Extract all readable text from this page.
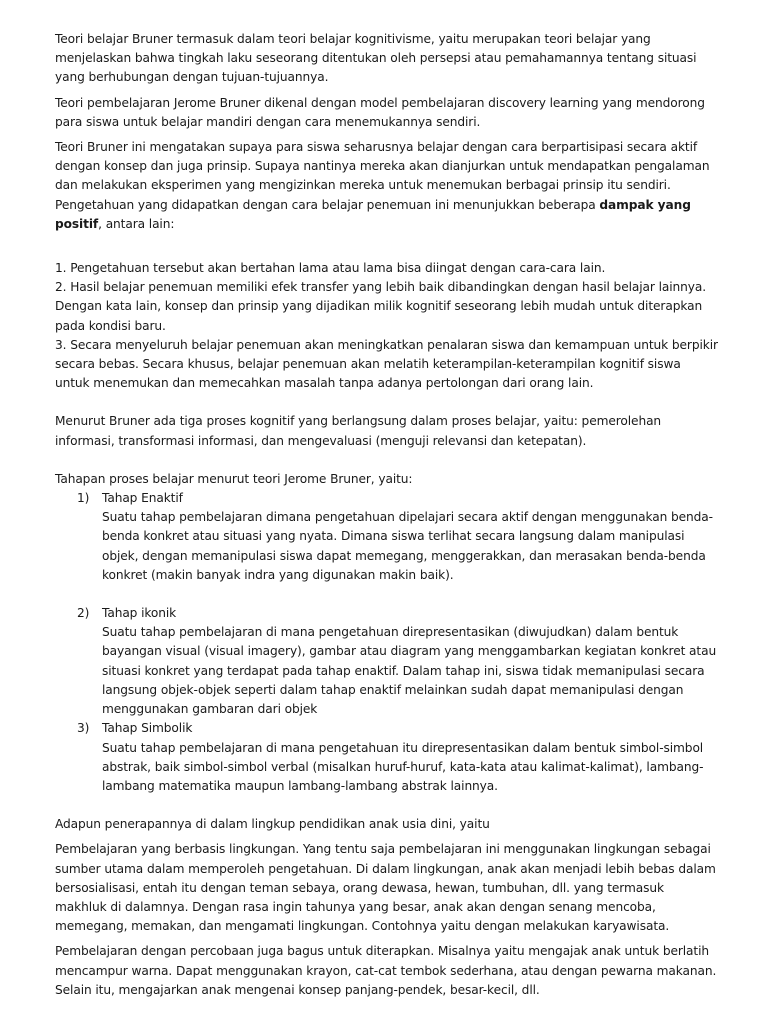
Teori belajar Bruner termasuk dalam teori belajar kognitivisme, yaitu merupakan teori belajar yang menjelaskan bahwa tingkah laku seseorang ditentukan oleh persepsi atau pemahamannya tentang situasi yang berhubungan dengan tujuan-tujuannya.

Teori pembelajaran Jerome Bruner dikenal dengan model pembelajaran discovery learning yang mendorong para siswa untuk belajar mandiri dengan cara menemukannya sendiri.

Teori Bruner ini mengatakan supaya para siswa seharusnya belajar dengan cara berpartisipasi secara aktif dengan konsep dan juga prinsip. Supaya nantinya mereka akan dianjurkan untuk mendapatkan pengalaman dan melakukan eksperimen yang mengizinkan mereka untuk menemukan berbagai prinsip itu sendiri. Pengetahuan yang didapatkan dengan cara belajar penemuan ini menunjukkan beberapa dampak yang positif, antara lain:

1. Pengetahuan tersebut akan bertahan lama atau lama bisa diingat dengan cara-cara lain.
2. Hasil belajar penemuan memiliki efek transfer yang lebih baik dibandingkan dengan hasil belajar lainnya. Dengan kata lain, konsep dan prinsip yang dijadikan milik kognitif seseorang lebih mudah untuk diterapkan pada kondisi baru.
3. Secara menyeluruh belajar penemuan akan meningkatkan penalaran siswa dan kemampuan untuk berpikir secara bebas. Secara khusus, belajar penemuan akan melatih keterampilan-keterampilan kognitif siswa untuk menemukan dan memecahkan masalah tanpa adanya pertolongan dari orang lain.

Menurut Bruner ada tiga proses kognitif yang berlangsung dalam proses belajar, yaitu: pemerolehan informasi, transformasi informasi, dan mengevaluasi (menguji relevansi dan ketepatan).

Tahapan proses belajar menurut teori Jerome Bruner, yaitu:

1)	Tahap Enaktif
Suatu tahap pembelajaran dimana pengetahuan dipelajari secara aktif dengan menggunakan benda-benda konkret atau situasi yang nyata. Dimana siswa terlihat secara langsung dalam manipulasi objek, dengan memanipulasi siswa dapat memegang, menggerakkan, dan merasakan benda-benda konkret (makin banyak indra yang digunakan makin baik).
2)	Tahap ikonik
Suatu tahap pembelajaran di mana pengetahuan direpresentasikan (diwujudkan) dalam bentuk bayangan visual (visual imagery), gambar atau diagram yang menggambarkan kegiatan konkret atau situasi konkret yang terdapat pada tahap enaktif. Dalam tahap ini, siswa tidak memanipulasi secara langsung objek-objek seperti dalam tahap enaktif melainkan sudah dapat memanipulasi dengan menggunakan gambaran dari objek
3)	Tahap Simbolik
Suatu tahap pembelajaran di mana pengetahuan itu direpresentasikan dalam bentuk simbol-simbol abstrak, baik simbol-simbol verbal (misalkan huruf-huruf, kata-kata atau kalimat-kalimat), lambang-lambang matematika maupun lambang-lambang abstrak lainnya.

Adapun penerapannya di dalam lingkup pendidikan anak usia dini, yaitu

Pembelajaran yang berbasis lingkungan. Yang tentu saja pembelajaran ini menggunakan lingkungan sebagai sumber utama dalam memperoleh pengetahuan. Di dalam lingkungan, anak akan menjadi lebih bebas dalam bersosialisasi, entah itu dengan teman sebaya, orang dewasa, hewan, tumbuhan, dll. yang termasuk makhluk di dalamnya. Dengan rasa ingin tahunya yang besar, anak akan dengan senang mencoba, memegang, memakan, dan mengamati lingkungan. Contohnya yaitu dengan melakukan karyawisata.

Pembelajaran dengan percobaan juga bagus untuk diterapkan. Misalnya yaitu mengajak anak untuk berlatih mencampur warna. Dapat menggunakan krayon, cat-cat tembok sederhana, atau dengan pewarna makanan. Selain itu, mengajarkan anak mengenai konsep panjang-pendek, besar-kecil, dll.
